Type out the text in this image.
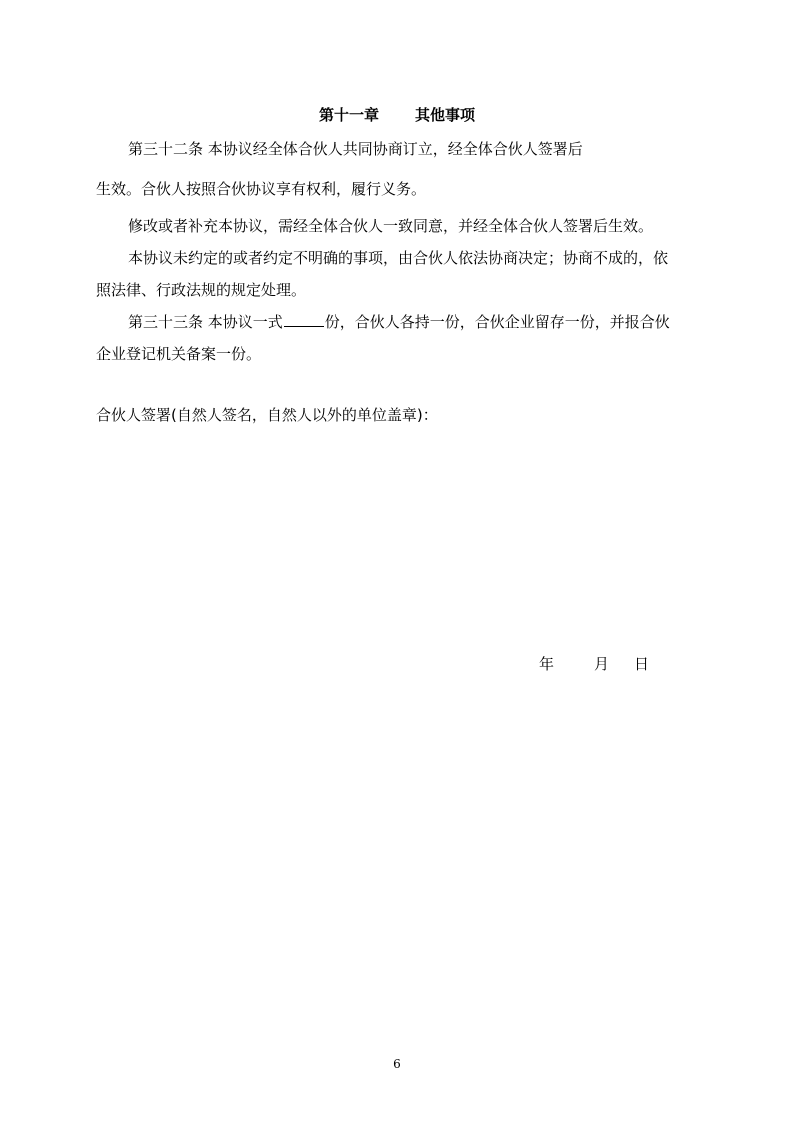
第十一章 其他事项
第三十二条 本协议经全体合伙人共同协商订立，经全体合伙人签署后
生效。合伙人按照合伙协议享有权利，履行义务。
修改或者补充本协议，需经全体合伙人一致同意，并经全体合伙人签署后生效。
本协议未约定的或者约定不明确的事项，由合伙人依法协商决定；协商不成的，依
照法律、行政法规的规定处理。
第三十三条 本协议一式	份，合伙人各持一份，合伙企业留存一份，并报合伙
企业登记机关备案一份。
合伙人签署(自然人签名，自然人以外的单位盖章)：
年	月 日
6
